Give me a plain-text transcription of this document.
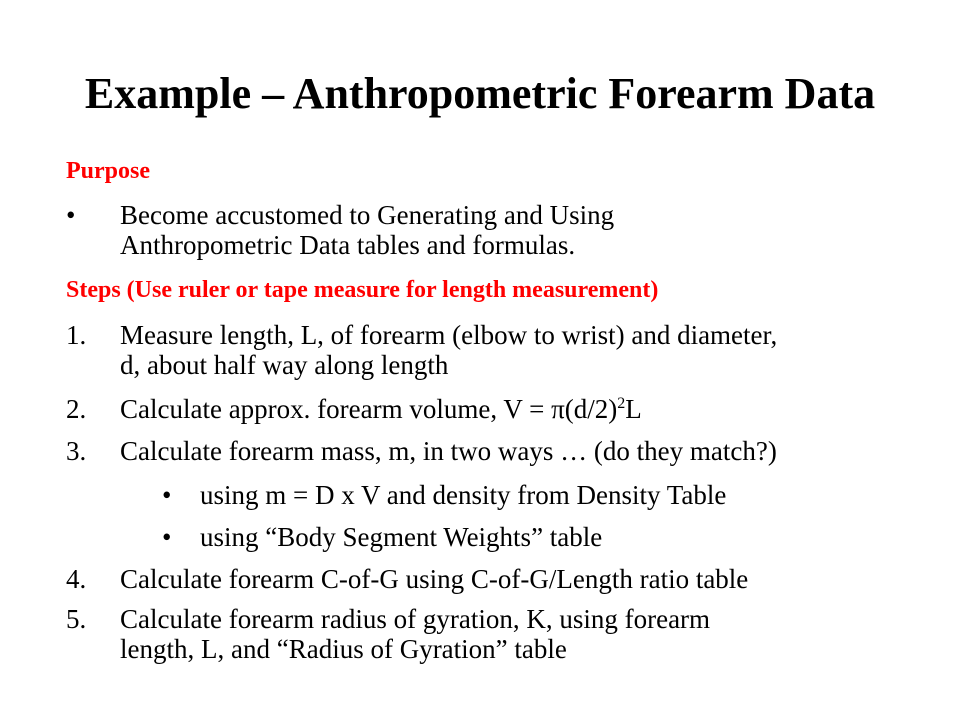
Example – Anthropometric Forearm Data
Purpose
• Become accustomed to Generating and Using
Anthropometric Data tables and formulas.
Steps (Use ruler or tape measure for length measurement)
1. Measure length, L, of forearm (elbow to wrist) and diameter,
d, about half way along length
2. Calculate approx. forearm volume, $V = \pi(d/2)^2L$
3. Calculate forearm mass, m, in two ways … (do they match?)
• using m = D x V and density from Density Table
• using “Body Segment Weights” table
4. Calculate forearm C-of-G using C-of-G/Length ratio table
5. Calculate forearm radius of gyration, K, using forearm
length, L, and “Radius of Gyration” table
